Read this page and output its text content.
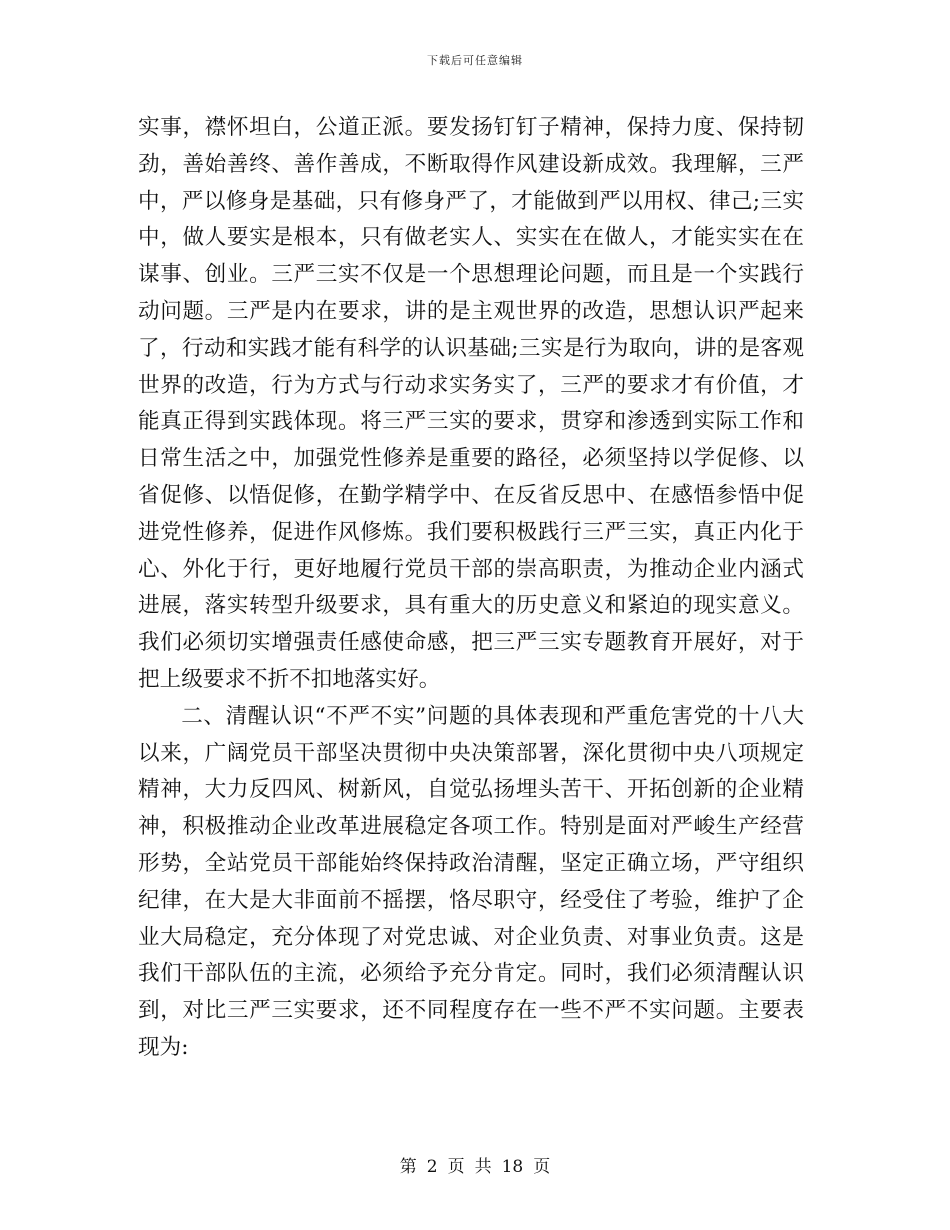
下载后可任意编辑

实事，襟怀坦白，公道正派。要发扬钉钉子精神，保持力度、保持韧劲，善始善终、善作善成，不断取得作风建设新成效。我理解，三严中，严以修身是基础，只有修身严了，才能做到严以用权、律己;三实中，做人要实是根本，只有做老实人、实实在在做人，才能实实在在谋事、创业。三严三实不仅是一个思想理论问题，而且是一个实践行动问题。三严是内在要求，讲的是主观世界的改造，思想认识严起来了，行动和实践才能有科学的认识基础;三实是行为取向，讲的是客观世界的改造，行为方式与行动求实务实了，三严的要求才有价值，才能真正得到实践体现。将三严三实的要求，贯穿和渗透到实际工作和日常生活之中，加强党性修养是重要的路径，必须坚持以学促修、以省促修、以悟促修，在勤学精学中、在反省反思中、在感悟参悟中促进党性修养，促进作风修炼。我们要积极践行三严三实，真正内化于心、外化于行，更好地履行党员干部的崇高职责，为推动企业内涵式进展，落实转型升级要求，具有重大的历史意义和紧迫的现实意义。我们必须切实增强责任感使命感，把三严三实专题教育开展好，对于把上级要求不折不扣地落实好。

二、清醒认识“不严不实”问题的具体表现和严重危害党的十八大以来，广阔党员干部坚决贯彻中央决策部署，深化贯彻中央八项规定精神，大力反四风、树新风，自觉弘扬埋头苦干、开拓创新的企业精神，积极推动企业改革进展稳定各项工作。特别是面对严峻生产经营形势，全站党员干部能始终保持政治清醒，坚定正确立场，严守组织纪律，在大是大非面前不摇摆，恪尽职守，经受住了考验，维护了企业大局稳定，充分体现了对党忠诚、对企业负责、对事业负责。这是我们干部队伍的主流，必须给予充分肯定。同时，我们必须清醒认识到，对比三严三实要求，还不同程度存在一些不严不实问题。主要表现为:

第 2 页 共 18 页
